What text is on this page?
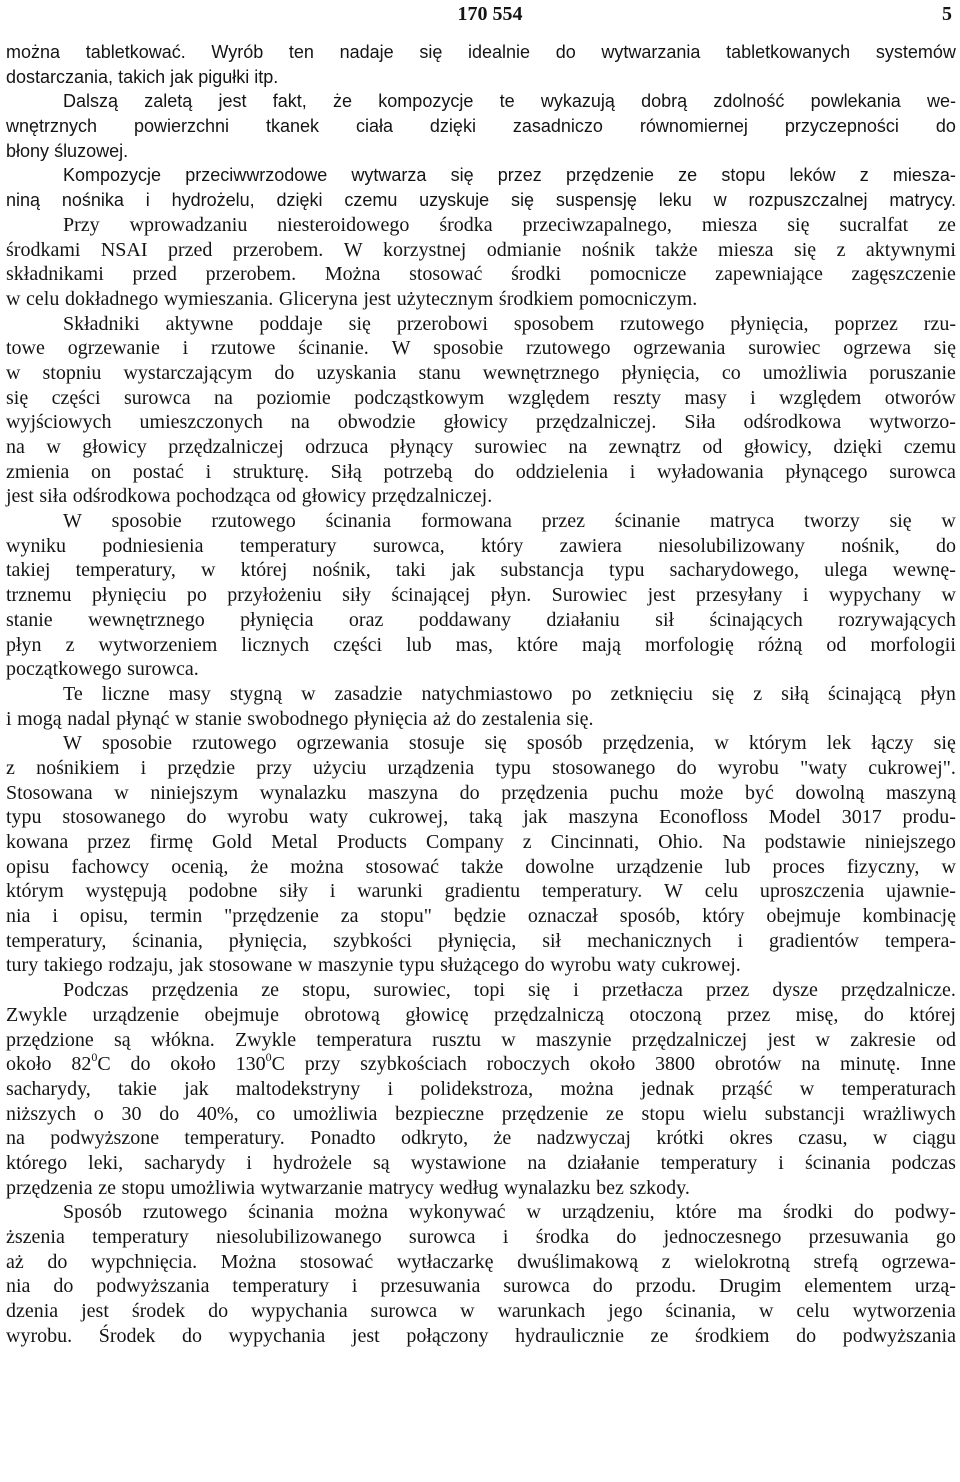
170 554	5
można tabletkować. Wyrób ten nadaje się idealnie do wytwarzania tabletkowanych systemów
dostarczania, takich jak pigułki itp.
Dalszą zaletą jest fakt, że kompozycje te wykazują dobrą zdolność powlekania we-
wnętrznych powierzchni tkanek ciała dzięki zasadniczo równomiernej przyczepności do
błony śluzowej.
Kompozycje przeciwwrzodowe wytwarza się przez przędzenie ze stopu leków z miesza-
niną nośnika i hydrożelu, dzięki czemu uzyskuje się suspensję leku w rozpuszczalnej matrycy.
Przy wprowadzaniu niesteroidowego środka przeciwzapalnego, miesza się sucralfat ze
środkami NSAI przed przerobem. W korzystnej odmianie nośnik także miesza się z aktywnymi
składnikami przed przerobem. Można stosować środki pomocnicze zapewniające zagęszczenie
w celu dokładnego wymieszania. Gliceryna jest użytecznym środkiem pomocniczym.
Składniki aktywne poddaje się przerobowi sposobem rzutowego płynięcia, poprzez rzu-
towe ogrzewanie i rzutowe ścinanie. W sposobie rzutowego ogrzewania surowiec ogrzewa się
w stopniu wystarczającym do uzyskania stanu wewnętrznego płynięcia, co umożliwia poruszanie
się części surowca na poziomie podcząstkowym względem reszty masy i względem otworów
wyjściowych umieszczonych na obwodzie głowicy przędzalniczej. Siła odśrodkowa wytworzo-
na w głowicy przędzalniczej odrzuca płynący surowiec na zewnątrz od głowicy, dzięki czemu
zmienia on postać i strukturę. Siłą potrzebą do oddzielenia i wyładowania płynącego surowca
jest siła odśrodkowa pochodząca od głowicy przędzalniczej.
W sposobie rzutowego ścinania formowana przez ścinanie matryca tworzy się w
wyniku podniesienia temperatury surowca, który zawiera niesolubilizowany nośnik, do
takiej temperatury, w której nośnik, taki jak substancja typu sacharydowego, ulega wewnę-
trznemu płynięciu po przyłożeniu siły ścinającej płyn. Surowiec jest przesyłany i wypychany w
stanie wewnętrznego płynięcia oraz poddawany działaniu sił ścinających rozrywających
płyn z wytworzeniem licznych części lub mas, które mają morfologię różną od morfologii
początkowego surowca.
Te liczne masy stygną w zasadzie natychmiastowo po zetknięciu się z siłą ścinającą płyn
i mogą nadal płynąć w stanie swobodnego płynięcia aż do zestalenia się.
W sposobie rzutowego ogrzewania stosuje się sposób przędzenia, w którym lek łączy się
z nośnikiem i przędzie przy użyciu urządzenia typu stosowanego do wyrobu "waty cukrowej".
Stosowana w niniejszym wynalazku maszyna do przędzenia puchu może być dowolną maszyną
typu stosowanego do wyrobu waty cukrowej, taką jak maszyna Econofloss Model 3017 produ-
kowana przez firmę Gold Metal Products Company z Cincinnati, Ohio. Na podstawie niniejszego
opisu fachowcy ocenią, że można stosować także dowolne urządzenie lub proces fizyczny, w
którym występują podobne siły i warunki gradientu temperatury. W celu uproszczenia ujawnie-
nia i opisu, termin "przędzenie za stopu" będzie oznaczał sposób, który obejmuje kombinację
temperatury, ścinania, płynięcia, szybkości płynięcia, sił mechanicznych i gradientów tempera-
tury takiego rodzaju, jak stosowane w maszynie typu służącego do wyrobu waty cukrowej.
Podczas przędzenia ze stopu, surowiec, topi się i przetłacza przez dysze przędzalnicze.
Zwykle urządzenie obejmuje obrotową głowicę przędzalniczą otoczoną przez misę, do której
przędzione są włókna. Zwykle temperatura rusztu w maszynie przędzalniczej jest w zakresie od
około $82^0C$ do około $130^0C$ przy szybkościach roboczych około 3800 obrotów na minutę. Inne
sacharydy, takie jak maltodekstryny i polidekstroza, można jednak prząść w temperaturach
niższych o 30 do 40%, co umożliwia bezpieczne przędzenie ze stopu wielu substancji wrażliwych
na podwyższone temperatury. Ponadto odkryto, że nadzwyczaj krótki okres czasu, w ciągu
którego leki, sacharydy i hydrożele są wystawione na działanie temperatury i ścinania podczas
przędzenia ze stopu umożliwia wytwarzanie matrycy według wynalazku bez szkody.
Sposób rzutowego ścinania można wykonywać w urządzeniu, które ma środki do podwy-
ższenia temperatury niesolubilizowanego surowca i środka do jednoczesnego przesuwania go
aż do wypchnięcia. Można stosować wytłaczarkę dwuślimakową z wielokrotną strefą ogrzewa-
nia do podwyższania temperatury i przesuwania surowca do przodu. Drugim elementem urzą-
dzenia jest środek do wypychania surowca w warunkach jego ścinania, w celu wytworzenia
wyrobu. Środek do wypychania jest połączony hydraulicznie ze środkiem do podwyższania
